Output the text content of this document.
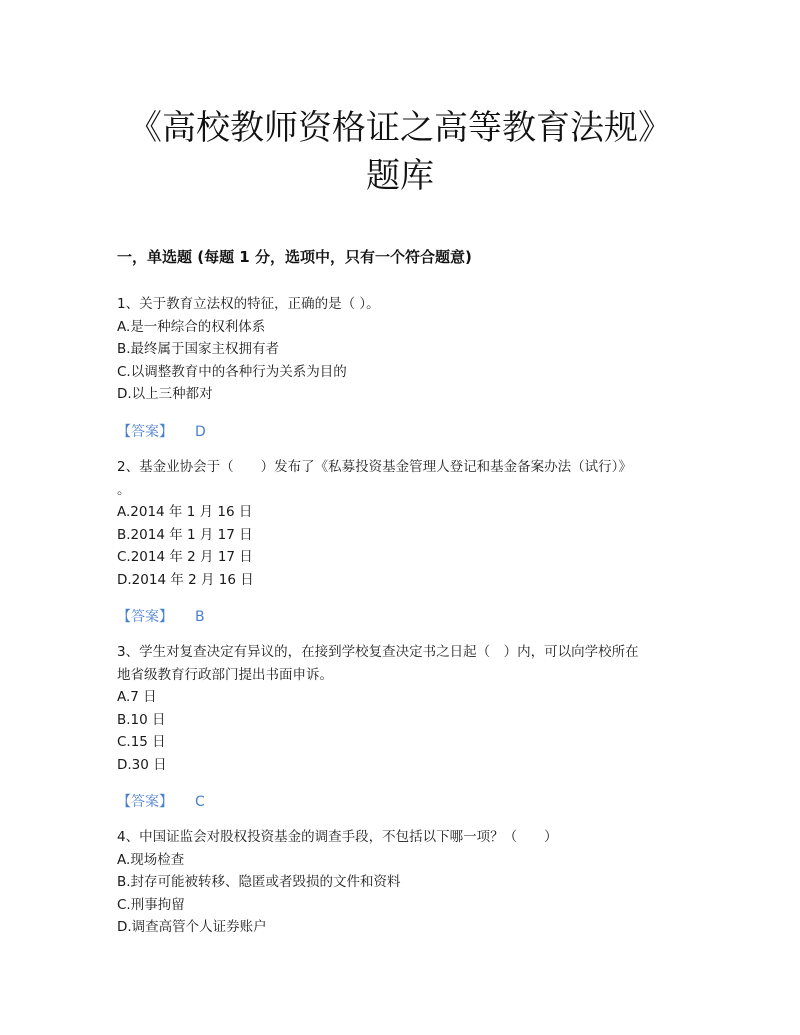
《高校教师资格证之高等教育法规》
题库
一，单选题 (每题 1 分，选项中，只有一个符合题意)

1、关于教育立法权的特征，正确的是（ ）。

A.是一种综合的权利体系

B.最终属于国家主权拥有者

C.以调整教育中的各种行为关系为目的

D.以上三种都对

【答案】 D

2、基金业协会于（　　）发布了《私募投资基金管理人登记和基金备案办法（试行）》

。

A.2014 年 1 月 16 日

B.2014 年 1 月 17 日

C.2014 年 2 月 17 日

D.2014 年 2 月 16 日

【答案】 B

3、学生对复查决定有异议的，在接到学校复查决定书之日起（　）内，可以向学校所在

地省级教育行政部门提出书面申诉。

A.7 日

B.10 日

C.15 日

D.30 日

【答案】 C

4、中国证监会对股权投资基金的调查手段，不包括以下哪一项？（　　）

A.现场检查

B.封存可能被转移、隐匿或者毁损的文件和资料

C.刑事拘留

D.调查高管个人证券账户
